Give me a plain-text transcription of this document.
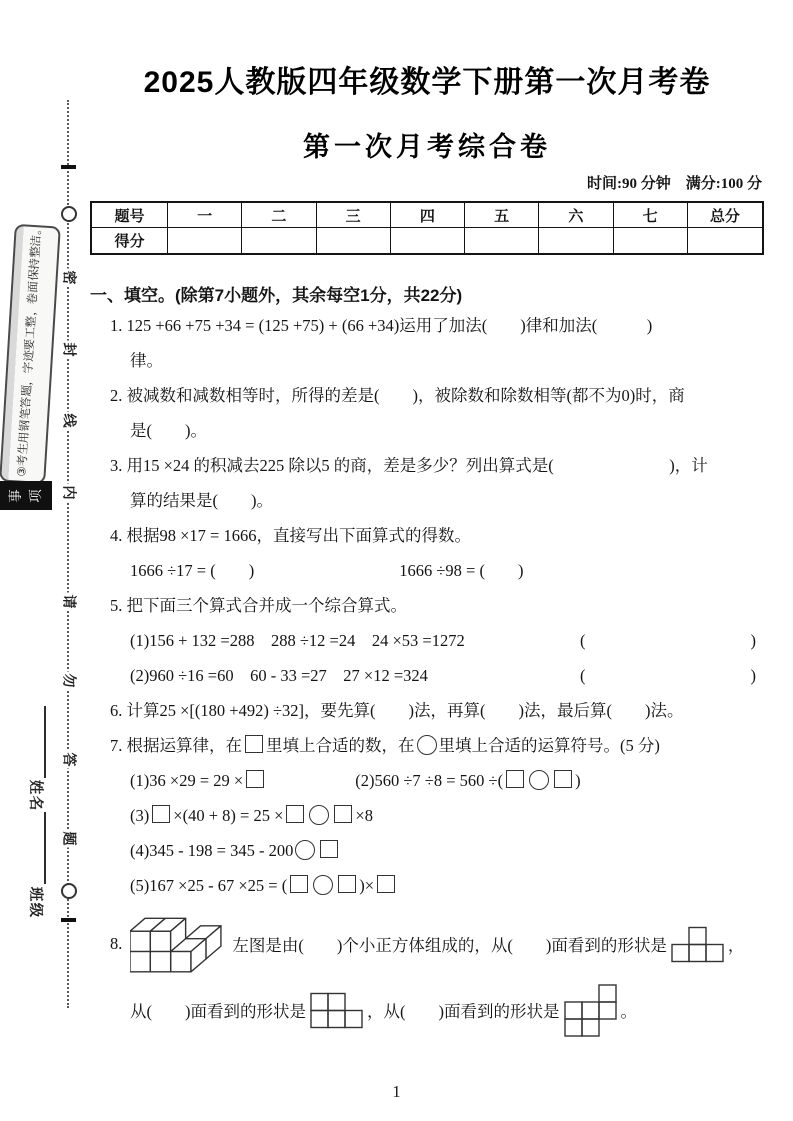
③
考
生
用
钢
笔
答
题
，
字
迹
要
工
整
，
卷
面
保
持
整
洁
。
事 项
密
封
线
内
请
勿
答
题
姓
名
班
级
2025人教版四年级数学下册第一次月考卷
第一次月考综合卷
时间:90 分钟　满分:100 分
题号	一	二	三	四	五	六	七	总分
得分
一、填空。(除第7小题外，其余每空1分，共22分)
1. 125 +66 +75 +34 = (125 +75) + (66 +34)运用了加法(　　)律和加法(　　　)
律。
2. 被减数和减数相等时，所得的差是(　　)，被除数和除数相等(都不为0)时，商
是(　　)。
3. 用15 ×24 的积减去225 除以5 的商，差是多少？列出算式是(　　　　　　　)，计
算的结果是(　　)。
4. 根据98 ×17 = 1666，直接写出下面算式的得数。
1666 ÷17 = (　　)	1666 ÷98 = (　　)
5. 把下面三个算式合并成一个综合算式。
(1)156 + 132 =288　288 ÷12 =24　24 ×53 =1272	(　　　　　　　　　　)
(2)960 ÷16 =60　60 - 33 =27　27 ×12 =324	(　　　　　　　　　　)
6. 计算25 ×[(180 +492) ÷32]，要先算(　　)法，再算(　　)法，最后算(　　)法。
7. 根据运算律，在 里填上合适的数，在 里填上合适的运算符号。(5 分)
(1)36 ×29 = 29 ×	(2)560 ÷7 ÷8 = 560 ÷(	)
(3) ×(40 + 8) = 25 ×	×8
(4)345 - 198 = 345 - 200
(5)167 ×25 - 67 ×25 = (	)×
8.	左图是由(　　)个小正方体组成的，从(　　)面看到的形状是	，
从(　　)面看到的形状是	，从(　　)面看到的形状是	。
1
